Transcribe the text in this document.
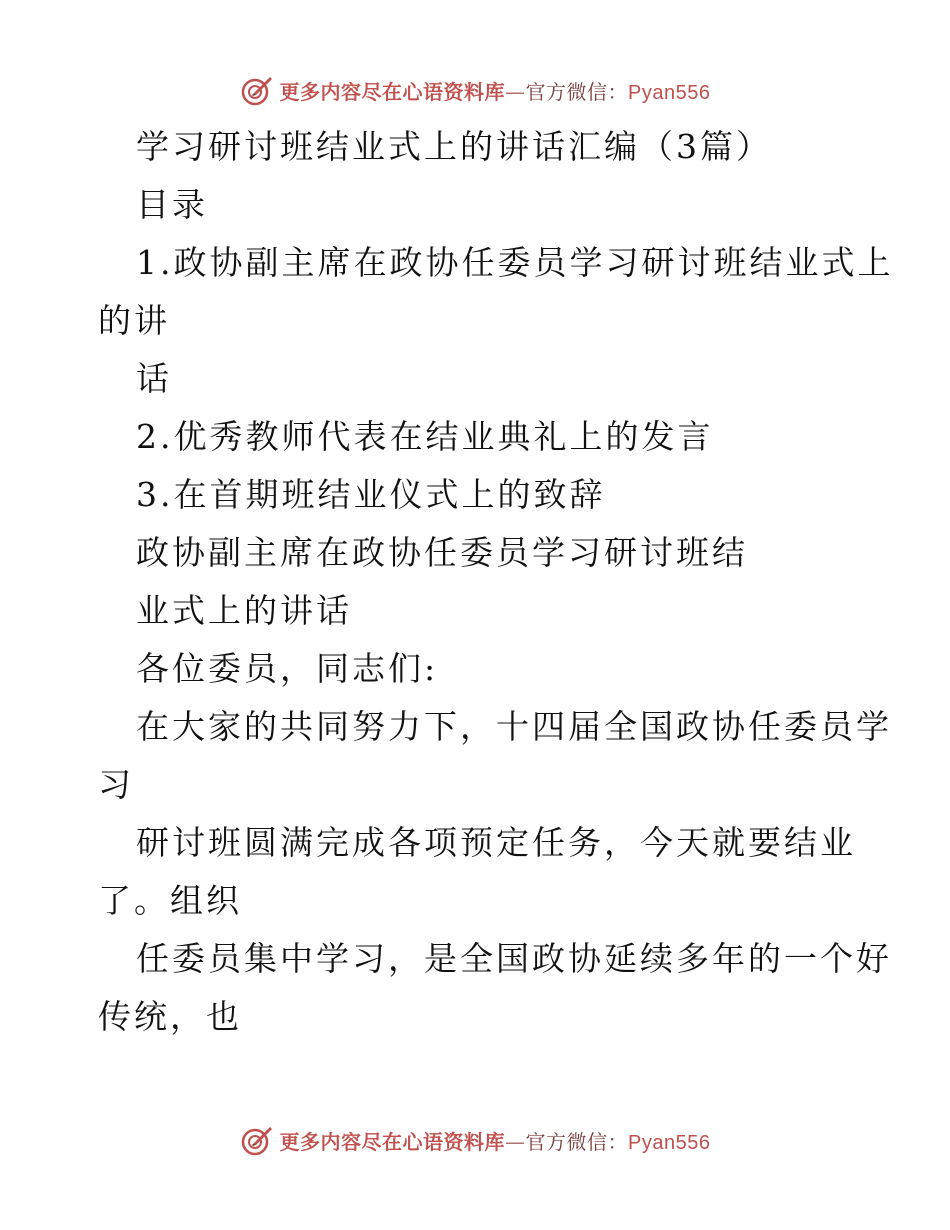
更多内容尽在心语资料库—官方微信：Pyan556
学习研讨班结业式上的讲话汇编（3篇）
目录
1.政协副主席在政协任委员学习研讨班结业式上
的讲
话
2.优秀教师代表在结业典礼上的发言
3.在首期班结业仪式上的致辞
政协副主席在政协任委员学习研讨班结
业式上的讲话
各位委员，同志们:
在大家的共同努力下，十四届全国政协任委员学
习
研讨班圆满完成各项预定任务，今天就要结业
了。组织
任委员集中学习，是全国政协延续多年的一个好
传统，也
更多内容尽在心语资料库—官方微信：Pyan556
